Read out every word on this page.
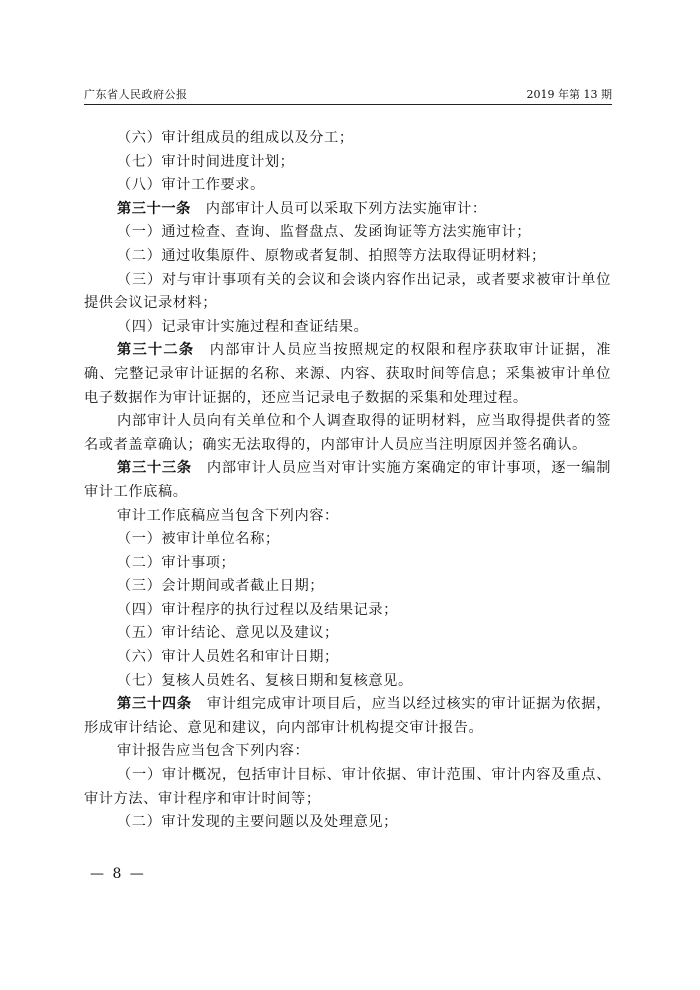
广东省人民政府公报	2019 年第 13 期

（六）审计组成员的组成以及分工；

（七）审计时间进度计划；

（八）审计工作要求。

第三十一条　内部审计人员可以采取下列方法实施审计：

（一）通过检查、查询、监督盘点、发函询证等方法实施审计；

（二）通过收集原件、原物或者复制、拍照等方法取得证明材料；

（三）对与审计事项有关的会议和会谈内容作出记录，或者要求被审计单位提供会议记录材料；

（四）记录审计实施过程和查证结果。

第三十二条　内部审计人员应当按照规定的权限和程序获取审计证据，准确、完整记录审计证据的名称、来源、内容、获取时间等信息；采集被审计单位电子数据作为审计证据的，还应当记录电子数据的采集和处理过程。

内部审计人员向有关单位和个人调查取得的证明材料，应当取得提供者的签名或者盖章确认；确实无法取得的，内部审计人员应当注明原因并签名确认。

第三十三条　内部审计人员应当对审计实施方案确定的审计事项，逐一编制审计工作底稿。

审计工作底稿应当包含下列内容：

（一）被审计单位名称；

（二）审计事项；

（三）会计期间或者截止日期；

（四）审计程序的执行过程以及结果记录；

（五）审计结论、意见以及建议；

（六）审计人员姓名和审计日期；

（七）复核人员姓名、复核日期和复核意见。

第三十四条　审计组完成审计项目后，应当以经过核实的审计证据为依据，形成审计结论、意见和建议，向内部审计机构提交审计报告。

审计报告应当包含下列内容：

（一）审计概况，包括审计目标、审计依据、审计范围、审计内容及重点、审计方法、审计程序和审计时间等；

（二）审计发现的主要问题以及处理意见；

— 8 —
